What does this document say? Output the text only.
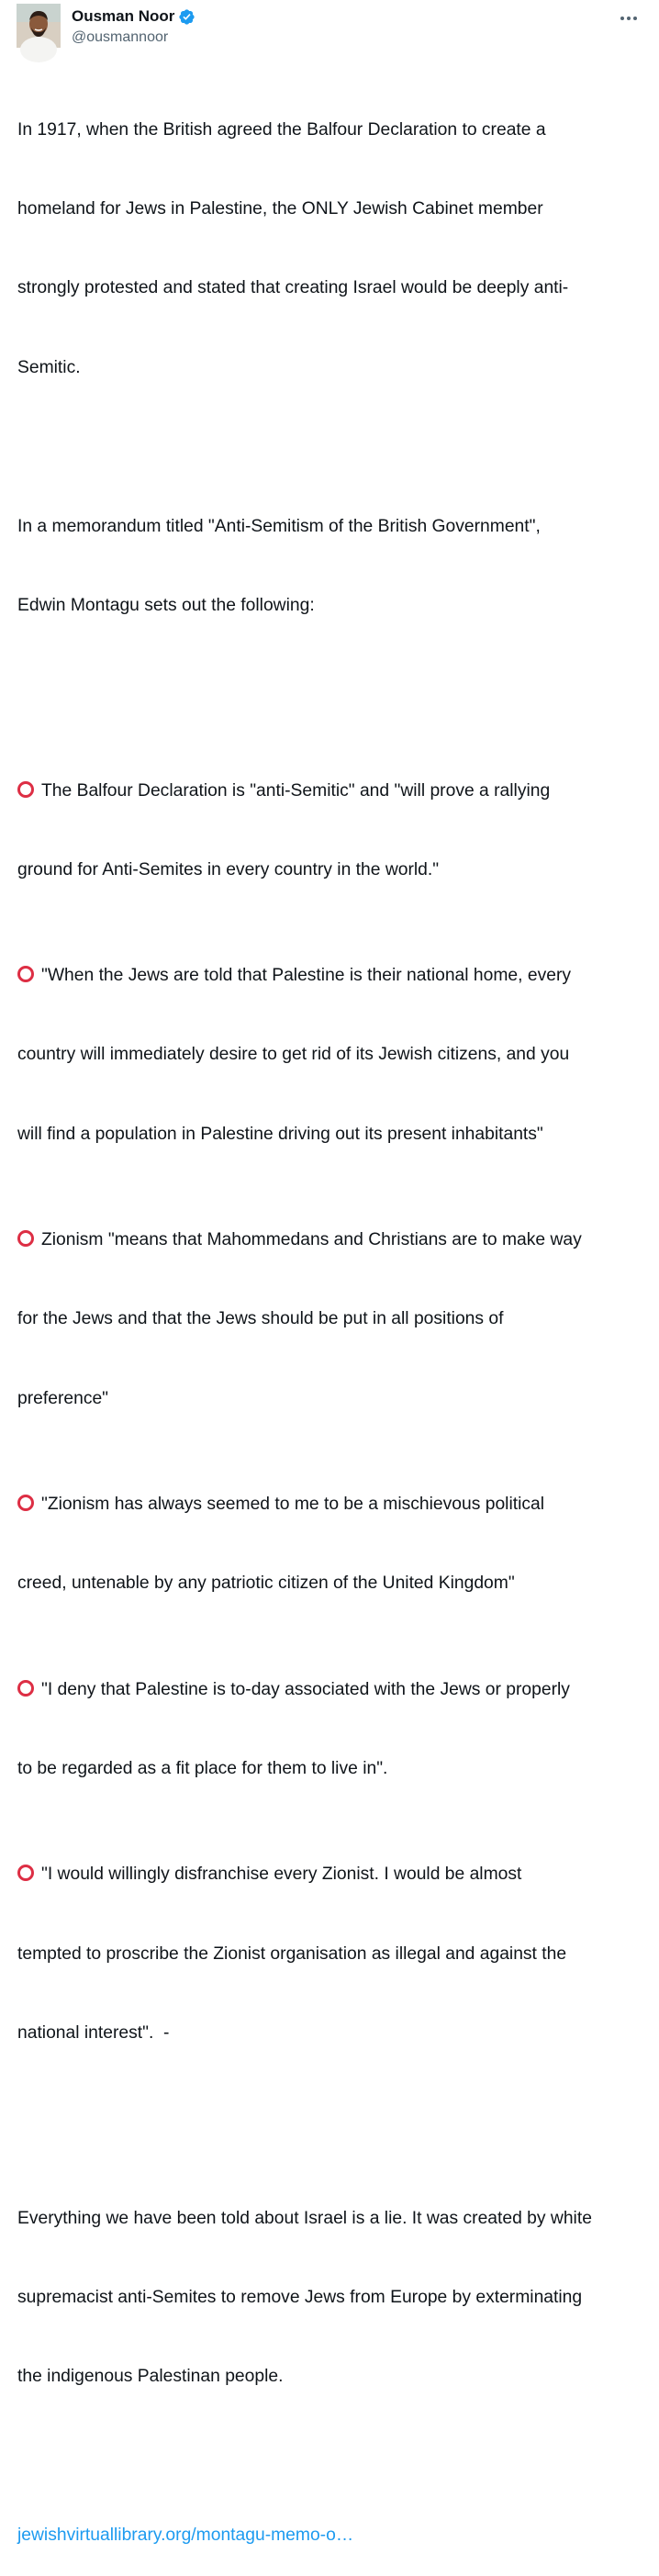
Ousman Noor
@ousmannoor

In 1917, when the British agreed the Balfour Declaration to create a

homeland for Jews in Palestine, the ONLY Jewish Cabinet member

strongly protested and stated that creating Israel would be deeply anti-

Semitic.

In a memorandum titled "Anti-Semitism of the British Government",

Edwin Montagu sets out the following:

The Balfour Declaration is "anti-Semitic" and "will prove a rallying

ground for Anti-Semites in every country in the world."

"When the Jews are told that Palestine is their national home, every

country will immediately desire to get rid of its Jewish citizens, and you

will find a population in Palestine driving out its present inhabitants"

Zionism "means that Mahommedans and Christians are to make way

for the Jews and that the Jews should be put in all positions of

preference"

"Zionism has always seemed to me to be a mischievous political

creed, untenable by any patriotic citizen of the United Kingdom"

"I deny that Palestine is to-day associated with the Jews or properly

to be regarded as a fit place for them to live in".

"I would willingly disfranchise every Zionist. I would be almost

tempted to proscribe the Zionist organisation as illegal and against the

national interest".  -

Everything we have been told about Israel is a lie. It was created by white

supremacist anti-Semites to remove Jews from Europe by exterminating

the indigenous Palestinan people.

jewishvirtuallibrary.org/montagu-memo-o…
